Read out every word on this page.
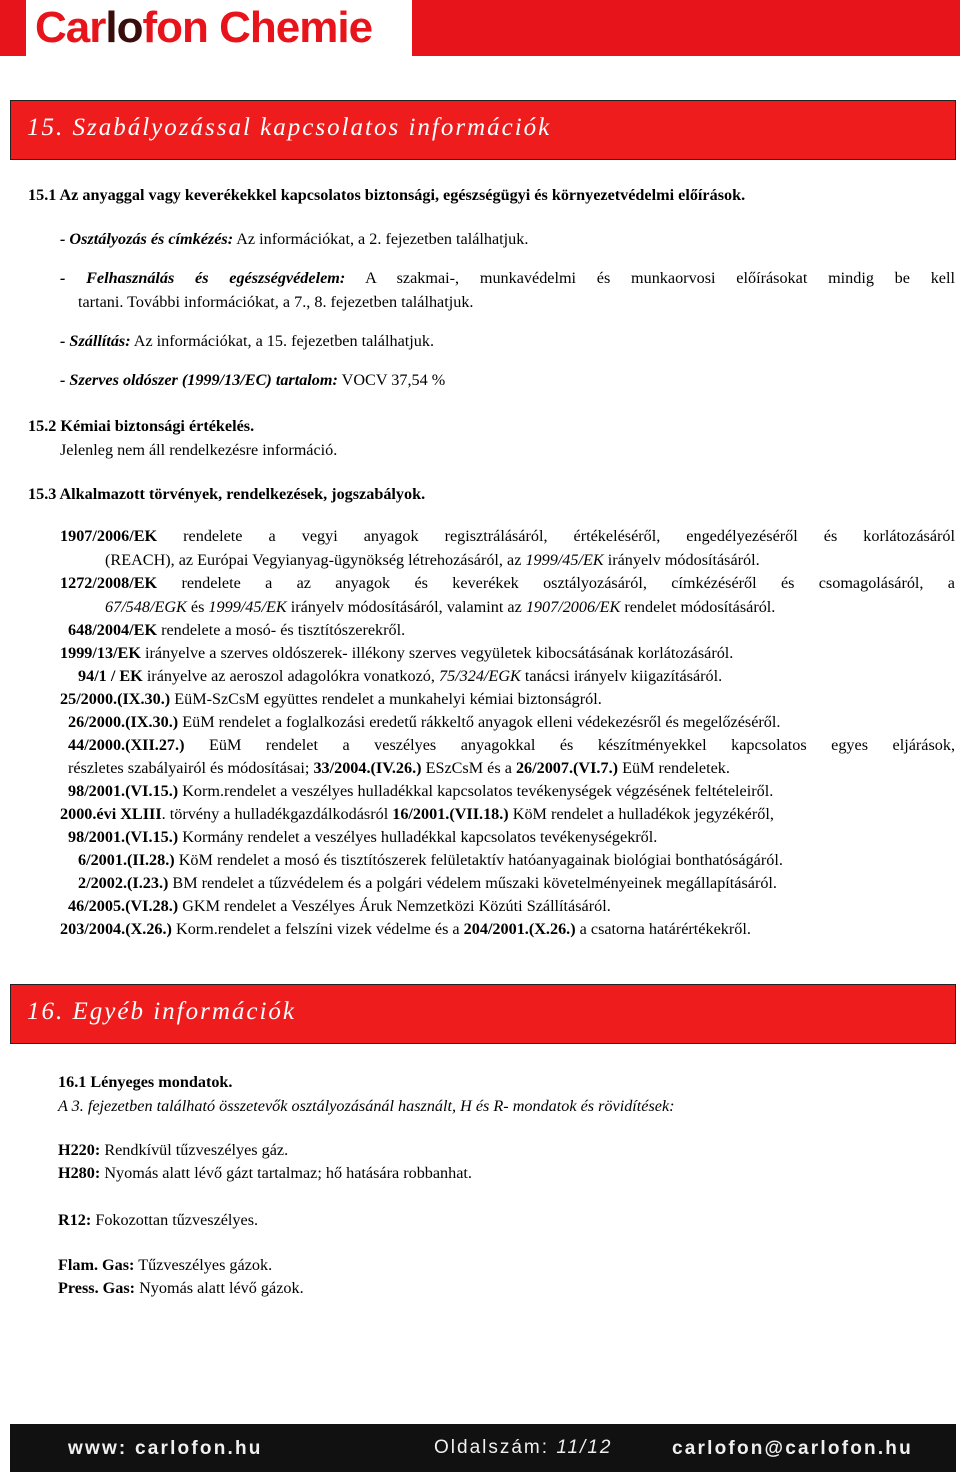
Carlofon Chemie
15. Szabályozással kapcsolatos információk
15.1 Az anyaggal vagy keverékekkel kapcsolatos biztonsági, egészségügyi és környezetvédelmi előírások.
- Osztályozás és címkézés: Az információkat, a 2. fejezetben találhatjuk.
- Felhasználás és egészségvédelem: A szakmai-, munkavédelmi és munkaorvosi előírásokat mindig be kell
tartani. További információkat, a 7., 8. fejezetben találhatjuk.
- Szállítás: Az információkat, a 15. fejezetben találhatjuk.
- Szerves oldószer (1999/13/EC) tartalom: VOCV 37,54 %
15.2 Kémiai biztonsági értékelés.
Jelenleg nem áll rendelkezésre információ.
15.3 Alkalmazott törvények, rendelkezések, jogszabályok.
1907/2006/EK rendelete a vegyi anyagok regisztrálásáról, értékeléséről, engedélyezéséről és korlátozásáról
(REACH), az Európai Vegyianyag-ügynökség létrehozásáról, az 1999/45/EK irányelv módosításáról.
1272/2008/EK rendelete a az anyagok és keverékek osztályozásáról, címkézéséről és csomagolásáról, a
67/548/EGK és 1999/45/EK irányelv módosításáról, valamint az 1907/2006/EK rendelet módosításáról.
648/2004/EK rendelete a mosó- és tisztítószerekről.
1999/13/EK irányelve a szerves oldószerek- illékony szerves vegyületek kibocsátásának korlátozásáról.
94/1 / EK irányelve az aeroszol adagolókra vonatkozó, 75/324/EGK tanácsi irányelv kiigazításáról.
25/2000.(IX.30.) EüM-SzCsM együttes rendelet a munkahelyi kémiai biztonságról.
26/2000.(IX.30.) EüM rendelet a foglalkozási eredetű rákkeltő anyagok elleni védekezésről és megelőzéséről.
44/2000.(XII.27.) EüM rendelet a veszélyes anyagokkal és készítményekkel kapcsolatos egyes eljárások,
részletes szabályairól és módosításai; 33/2004.(IV.26.) ESzCsM és a 26/2007.(VI.7.) EüM rendeletek.
98/2001.(VI.15.) Korm.rendelet a veszélyes hulladékkal kapcsolatos tevékenységek végzésének feltételeiről.
2000.évi XLIII. törvény a hulladékgazdálkodásról 16/2001.(VII.18.) KöM rendelet a hulladékok jegyzékéről,
98/2001.(VI.15.) Kormány rendelet a veszélyes hulladékkal kapcsolatos tevékenységekről.
6/2001.(II.28.) KöM rendelet a mosó és tisztítószerek felületaktív hatóanyagainak biológiai bonthatóságáról.
2/2002.(I.23.) BM rendelet a tűzvédelem és a polgári védelem műszaki követelményeinek megállapításáról.
46/2005.(VI.28.) GKM rendelet a Veszélyes Áruk Nemzetközi Közúti Szállításáról.
203/2004.(X.26.) Korm.rendelet a felszíni vizek védelme és a 204/2001.(X.26.) a csatorna határértékekről.
16. Egyéb információk
16.1 Lényeges mondatok.
A 3. fejezetben található összetevők osztályozásánál használt, H és R- mondatok és rövidítések:
H220: Rendkívül tűzveszélyes gáz.
H280: Nyomás alatt lévő gázt tartalmaz; hő hatására robbanhat.
R12: Fokozottan tűzveszélyes.
Flam. Gas: Tűzveszélyes gázok.
Press. Gas: Nyomás alatt lévő gázok.
www: carlofon.hu	Oldalszám: 11/12	carlofon@carlofon.hu
